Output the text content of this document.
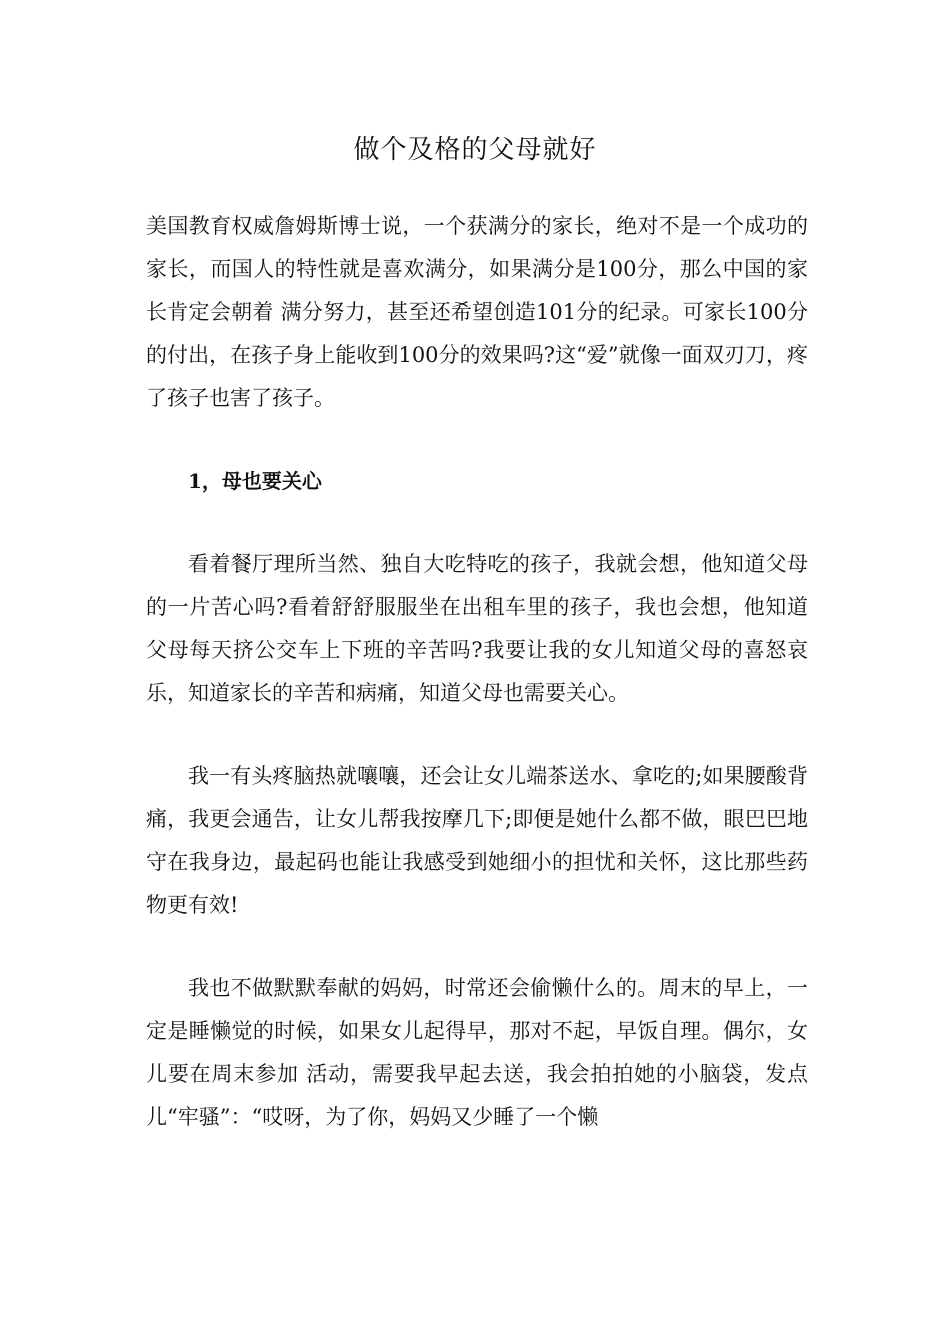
做个及格的父母就好

美国教育权威詹姆斯博士说，一个获满分的家长，绝对不是一个成功的家长，而国人的特性就是喜欢满分，如果满分是100分，那么中国的家长肯定会朝着 满分努力，甚至还希望创造101分的纪录。可家长100分的付出，在孩子身上能收到100分的效果吗?这“爱”就像一面双刃刀，疼了孩子也害了孩子。

1，母也要关心

看着餐厅理所当然、独自大吃特吃的孩子，我就会想，他知道父母的一片苦心吗?看着舒舒服服坐在出租车里的孩子，我也会想，他知道父母每天挤公交车上下班的辛苦吗?我要让我的女儿知道父母的喜怒哀乐，知道家长的辛苦和病痛，知道父母也需要关心。

我一有头疼脑热就嚷嚷，还会让女儿端茶送水、拿吃的;如果腰酸背痛，我更会通告，让女儿帮我按摩几下;即便是她什么都不做，眼巴巴地守在我身边，最起码也能让我感受到她细小的担忧和关怀，这比那些药物更有效!

我也不做默默奉献的妈妈，时常还会偷懒什么的。周末的早上，一定是睡懒觉的时候，如果女儿起得早，那对不起，早饭自理。偶尔，女儿要在周末参加 活动，需要我早起去送，我会拍拍她的小脑袋，发点儿“牢骚”：“哎呀，为了你，妈妈又少睡了一个懒
